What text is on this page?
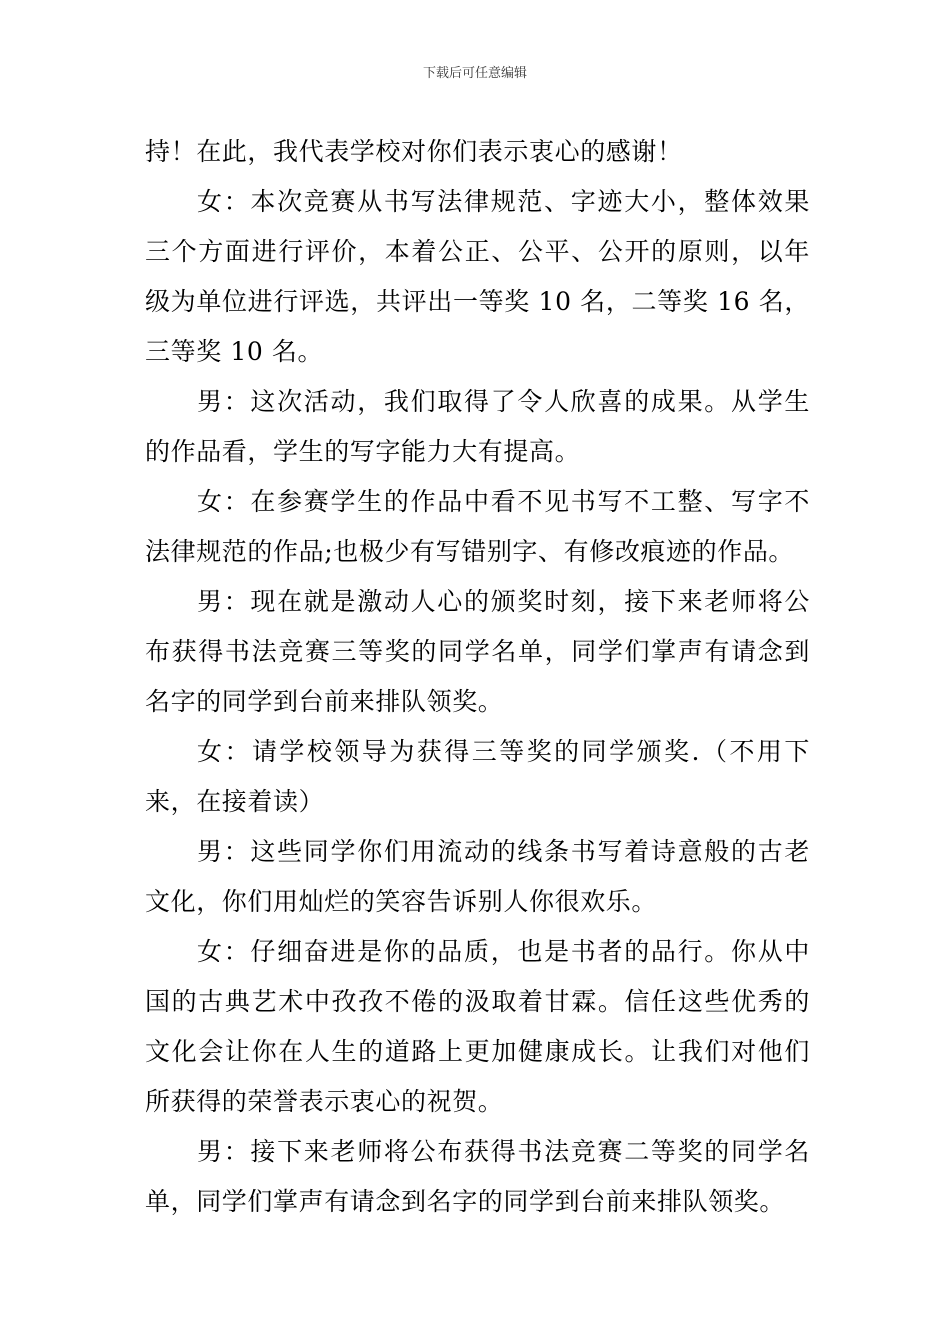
下载后可任意编辑

持！在此，我代表学校对你们表示衷心的感谢！

女：本次竞赛从书写法律规范、字迹大小，整体效果三个方面进行评价，本着公正、公平、公开的原则，以年级为单位进行评选，共评出一等奖 10 名，二等奖 16 名，三等奖 10 名。

男：这次活动，我们取得了令人欣喜的成果。从学生的作品看，学生的写字能力大有提高。

女：在参赛学生的作品中看不见书写不工整、写字不法律规范的作品;也极少有写错别字、有修改痕迹的作品。

男：现在就是激动人心的颁奖时刻，接下来老师将公布获得书法竞赛三等奖的同学名单，同学们掌声有请念到名字的同学到台前来排队领奖。

女：请学校领导为获得三等奖的同学颁奖.（不用下来，在接着读）

男：这些同学你们用流动的线条书写着诗意般的古老文化，你们用灿烂的笑容告诉别人你很欢乐。

女：仔细奋进是你的品质，也是书者的品行。你从中国的古典艺术中孜孜不倦的汲取着甘霖。信任这些优秀的文化会让你在人生的道路上更加健康成长。让我们对他们所获得的荣誉表示衷心的祝贺。

男：接下来老师将公布获得书法竞赛二等奖的同学名单，同学们掌声有请念到名字的同学到台前来排队领奖。
